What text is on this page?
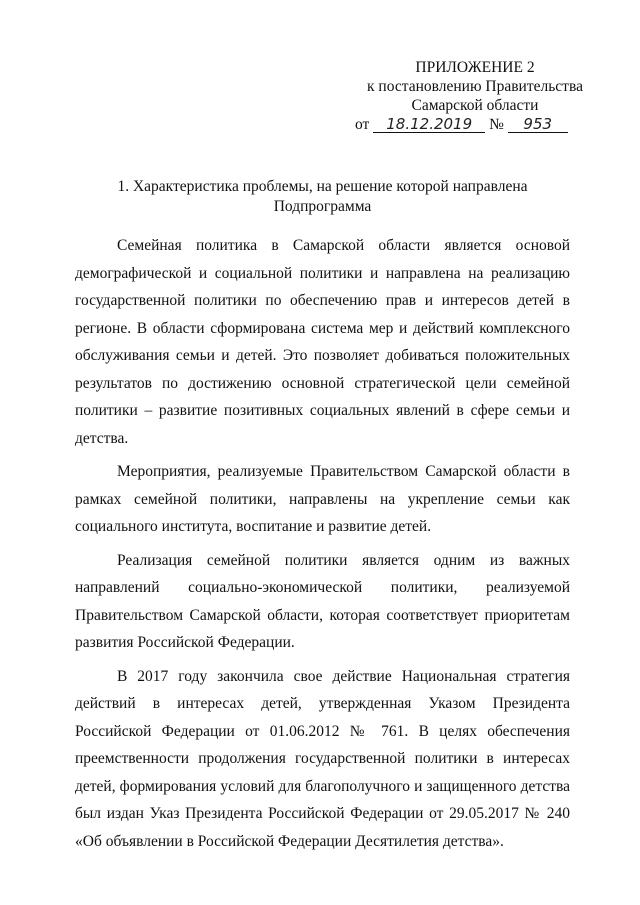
ПРИЛОЖЕНИЕ 2
к постановлению Правительства
Самарской области
от 18.12.2019 № 953
1. Характеристика проблемы, на решение которой направлена
Подпрограмма

Семейная политика в Самарской области является основой демографической и социальной политики и направлена на реализацию государственной политики по обеспечению прав и интересов детей в регионе. В области сформирована система мер и действий комплексного обслуживания семьи и детей. Это позволяет добиваться положительных результатов по достижению основной стратегической цели семейной политики – развитие позитивных социальных явлений в сфере семьи и детства.

Мероприятия, реализуемые Правительством Самарской области в рамках семейной политики, направлены на укрепление семьи как социального института, воспитание и развитие детей.

Реализация семейной политики является одним из важных направлений социально-экономической политики, реализуемой Правительством Самарской области, которая соответствует приоритетам развития Российской Федерации.

В 2017 году закончила свое действие Национальная стратегия действий в интересах детей, утвержденная Указом Президента Российской Федерации от 01.06.2012 № 761. В целях обеспечения преемственности продолжения государственной политики в интересах детей, формирования условий для благополучного и защищенного детства был издан Указ Президента Российской Федерации от 29.05.2017 № 240 «Об объявлении в Российской Федерации Десятилетия детства».
